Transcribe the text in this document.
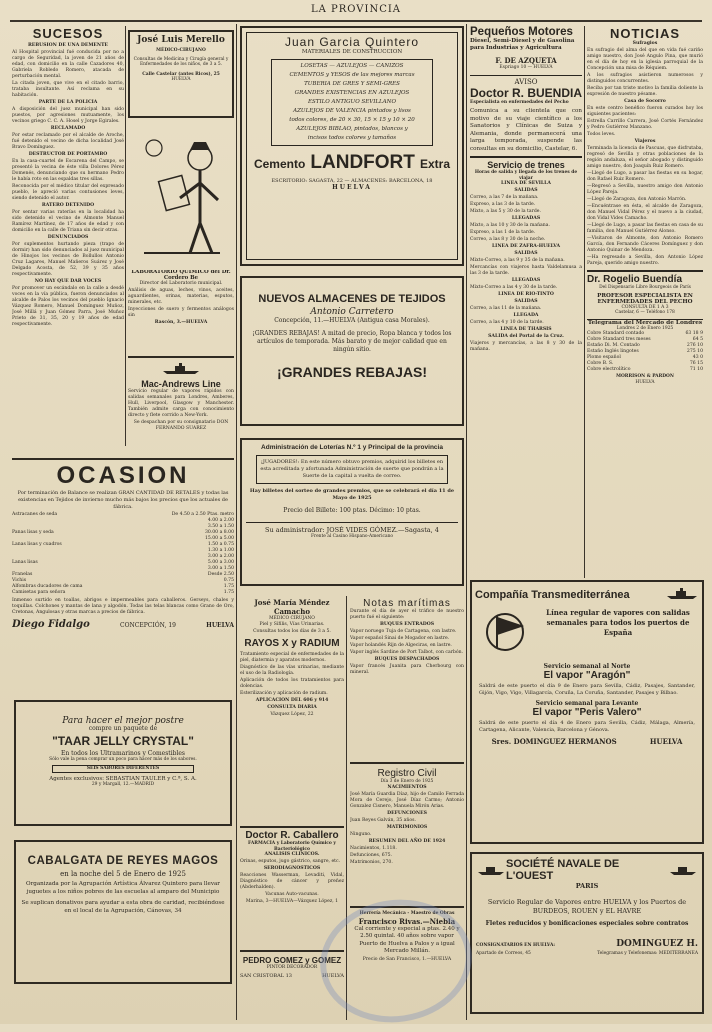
LA PROVINCIA
SUCESOS

REBUSION DE UNA DEMENTE

Al Hospital provincial fué conducida por no a cargo de Seguridad, la joven de 21 años de edad, con domicilio en la calle Cazadores 40, Gabriela Robledo Romero, atacada de perturbación mental.

La citada joven, que vive en el citado barrio, trataba insultante. Así reclama en su habitación.

PARTE DE LA POLICIA

A disposición del juez municipal han sido puestos, por agresiones mutuamente, los vecinos griego C. C. A. Hosel y Jorge Egirales.

RECLAMADO

Por estar reclamado por el alcalde de Aroche, fué detenido el vecino de dicha localidad José Bravo Domínguez.

DESTRUCTOR DE PORTAMBO

En la casa-cuartel de Escarena del Campo, se presentó la vecina de éste villa Dolores Pérez Domenés, denunciando que su hermano Pedro le había roto en las espaldas tres sillas.

Reconocida por el médico titular del expresado pueblo, le apreció varias contusiones leves, siendo detenido el autor.

RATERO DETENIDO

Por sentar varias raterías en la localidad ha sido detenido el vecino de Almonte Manuel Ramírez Martínez, de 17 años de edad y con domicilio en la calle de Triana sin decir otras.

DENUNCIADOS

Por suplementos hurtando pieza (trapo de dormir) han sido denunciados al juez municipal de Hinojos los vecinos de Bollullos Antonio Cruz Lagares, Manuel Mañeros Suárez y José Delgado Acosta, de 52, 39 y 35 años respectivamente.

NO HAY QUE DAR VOCES

Por promover un escándalo en la calle a desdé voces en la vía pública, fueron denunciados al alcalde de Palos los vecinos del pueblo Ignacio Vázquez Romero, Manuel Domínguez Muñoz, José Millá y Juan Gómez Parra, José Muñoz Prieto de 31, 35, 20 y 19 años de edad respectivamente.

José Luis Merello
MÉDICO-CIRUJANO
Consultas de Medicina y Cirugía general y Enfermedades de los niños, de 3 a 5.
Calle Castelar (antes Ricos), 25
HUELVA
LABORATORIO QUÍMICO del Dr. Cordero Be

Director del Laboratorio municipal.

Análisis de aguas, leches, vinos, aceites, aguardientes, orinas, materias, esputos, minerales, etc.

Inyecciones de suero y fermentos análogos sin

Rascón, 3.—HUELVA

Mac-Andrews Line

Servicio regular de vapores rápidos con salidas semanales para Londres, Amberes, Hull, Liverpool, Glasgow y Manchester. También admite carga con conocimiento directo y flete corrido a New-York.

Se despachan por su consignatario DON FERNANDO SUAREZ

OCASION

Por terminación de Balance se realizan GRAN CANTIDAD DE RETALES y todas las existencias en Tejidos de invierno mucho más bajos los precios que los actuales de fábrica.

Astracanes de seda	De 4.50 a 2.50 Ptas. metro
4.00 a 2.00
3.50 a 1.50
Panas lisas y seda	30.00 a 8.00
15.00 a 5.00
Lanas lisas y cuadros	1.50 a 0.75
1.30 a 1.00
3.00 a 2.00
Lanas lisas	5.00 a 3.00
3.00 a 1.50
Franelas	Desde 2.50
Vichis	0.75
Alfombras ducadores de cama	1.75
Camisetas para señora	1.75

Inmenso surtido en toallas, abrigos e impermeables para caballeros. Gerseys, chales y toquillas. Colchones y mantas de lana y algodón. Todas las telas blancas como Grano de Oro, Cretonas, Angulosas y otras marcas a precios de fábrica.

Diego Fidalgo	CONCEPCIÓN, 19	HUELVA
Para hacer el mejor postre
compre un paquete de
"TAAR JELLY CRYSTAL"
En todos los Ultramarinos y Comestibles
Sólo vale la pena comprar un poco para hacer más de los sabores.
SEIS SABORES DIFERENTES
Agentes exclusivos: SEBASTIAN TAULER y C.ª, S. A.
29 y Margall, 12.—MADRID
CABALGATA DE REYES MAGOS
en la noche del 5 de Enero de 1925
Organizada por la Agrupación Artística Álvarez Quintero para llevar juguetes a los niños pobres de las escuelas al amparo del Municipio
Se suplican donativos para ayudar a esta obra de caridad, recibiéndose en el local de la Agrupación, Cánovas, 34
Juan Garcia Quintero
MATERIALES DE CONSTRUCCION
LOSETAS — AZULEJOS — CANIZOS
CEMENTOS y YESOS de las mejores marcas
TUBERIA DE GRES Y SEMI-GRES
GRANDES EXISTENCIAS EN AZULEJOS
ESTILO ANTIGUO SEVILLANO
AZULEJOS DE VALENCIA pintados y lisos
todos colores, de 20 × 30, 15 × 15 y 10 × 20
AZULEJOS BIBLAO, pintados, blancos y
incisos todos colores y tamaños
Cemento LANDFORT Extra
ESCRITORIO: SAGASTA, 22 — ALMACENES: BARCELONA, 18
HUELVA
NUEVOS ALMACENES DE TEJIDOS
Antonio Carretero
Concepción, 11.—HUELVA (Antigua casa Morales).
¡GRANDES REBAJAS! A mitad de precio, Ropa blanca y todos los artículos de temporada. Más barato y de mejor calidad que en ningún sitio.
¡GRANDES REBAJAS!
Administración de Loterías N.º 1 y Principal de la provincia
¡JUGADORES!: En este número obtuvo premios, adquirid los billetes en esta acreditada y afortunada Administración de suerte que pondrán a la Suerte de la capital a vuelta de correo.
Hay billetes del sorteo de grandes premios, que se celebrará el día 11 de Mayo de 1925
Precio del Billete: 100 ptas. Décimo: 10 ptas.
Su administrador: JOSÉ VIDES GÓMEZ.—Sagasta, 4
Frente al Casino Hispano-Americano
José María Méndez Camacho
MÉDICO CIRUJANO

Piel y Sífilis, Vías Urinarias.

Consultas todos los días de 3 a 5.

RAYOS X y RADIUM

Tratamiento especial de enfermedades de la piel, diatermia y aparatos modernos.

Diagnóstico de las vías urinarias, mediante el uso de la Radiología.

Aplicación de todos los tratamientos para dolencias.

Esterilización y aplicación de radium.

APLICACION DEL 606 y 914

CONSULTA DIARIA

Vázquez López, 22

Doctor R. Caballero
FARMACIA y Laboratorio Químico y Bacteriológico

ANALISIS CLINICOS.

Orinas, esputos, jugo gástrico, sangre, etc.

SERODIAGNOSTICOS

Reacciones Wasserman, Levaditi, Vidal, Diagnóstico de cáncer y preñez (Abderhalden).

Vacunas Auto-vacunas.

Marina, 3—HUELVA—Vázquez López, 1

PEDRO GOMEZ y GOMEZ
PINTOR DECORADOR
SAN CRISTOBAL 13	HUELVA
Notas marítimas

Durante el día de ayer el tráfico de nuestro puerto fué el siguiente:

BUQUES ENTRADOS

Vapor noruego Tuja de Cartagena, con lastre.

Vapor español Sinai de Mogador en lastre.

Vapor holandés Rijn de Algeciras, en lastre.

Vapor inglés Sardine de Port Talbot, con carbón.

BUQUES DESPACHADOS

Vapor francés Juanita para Cherbourg con mineral.

Registro Civil
Día 3 de Enero de 1925

NACIMIENTOS

José María Guardia Díaz, hijo de Camilo Ferrada Mora de Cerejo, José Díaz Carmo; Antonio Gonzalez Cisnero, Manuela Mirón Arias.

DEFUNCIONES

Juan Reyes Galván, 35 años.

MATRIMONIOS

Ninguno.

RESUMEN DEL AÑO DE 1924

Nacimientos, 1.118.

Defunciones, 675.

Matrimonios, 270.

Herrería Mecánica - Maestro de Obras
Francisco Rivas.—Niebla

Cal corriente y especial a ptas. 2.40 y 2.50 quintal. 40 años sobre vapor Puerto de Huelva a Palos y a igual Mercado Millán.

Precio de San Francisco, 1.—HUELVA

Pequeños Motores
Diesel, Semi-Diesel y de Gasolina para Industrias y Agricultura
F. DE AZQUETA
Espriago 10 — HUELVA
AVISO
Doctor R. BUENDIA
Especialista en enfermedades del Pecho

Comunica a su clientela que con motivo de su viaje científico a los Sanatorios y Clínicas de Suiza y Alemania, donde permanecerá una larga temporada, suspende las consultas en su domicilio, Castelar, 6.

Servicio de trenes
Horas de salida y llegada de los trenes de viajar

LINEA DE SEVILLA

SALIDAS

Correo, a las 7 de la mañana.

Expreso, a las 3 de la tarde.

Mixto, a las 5 y 30 de la tarde.

LLEGADAS

Mixto, a las 10 y 30 de la mañana.

Expreso, a las 1 de la tarde.

Correo, a las 8 y 30 de la noche.

LINEA DE ZAFRA-HUELVA

SALIDAS

Mixto-Correo, a las 9 y 35 de la mañana.

Mercancías con viajeros hasta Valdelamusa a las 3 de la tarde.

LLEGADAS

Mixto-Correo a las 4 y 30 de la tarde.

LINEA DE RIO-TINTO

SALIDAS

Correo, a las 11 de la mañana.

LLEGADA

Correo, a las 4 y 10 de la tarde.

LINEA DE THARSIS

SALIDA del Portal de la Cruz.

Viajeros y mercancías, a las 8 y 30 de la mañana.

NOTICIAS

Sufragios

En sufragio del alma del que en vida fué cariño amigo nuestro, don José Angulo Pina, que murió en el día de hoy en la iglesia parroquial de la Concepción una misa de Réquiem.

A los sufragios asistieron numerosos y distinguidos concurrentes.

Reciba por tan triste motivo la familia doliente la expresión de nuestro pésame.

Casa de Socorro

En este centro benéfico fueron curados hoy los siguientes pacientes:

Estrella Carrillo Carrera, José Cortés Fernández y Pedro Gutiérrez Manzano.

Todos leves.

Viajeros

Terminada la licencia de Pascuas, que disfrutaba, regresó de Sevilla y otras poblaciones de la región andaluza, el señor abogado y distinguido amigo nuestro, don Joaquín Ruiz Romero.

—Llegó de Lugo, a pasar las fiestas en su hogar, don Rafael Ruiz Romero.

—Regresó a Sevilla, nuestro amigo don Antonio López Pareja.

—Llegó de Zaragoza, don Antonio Marrón.

—Encuéntrase en ésta, el alcalde de Zaragoza, don Manuel Vidal Pérez y el nuevo a la ciudad, don Vidal Vides Camacho.

—Llegó de Lugo, a pasar las fiestas en casa de su familia, don Manuel Gutiérrez Alonso.

—Visitaron de Almonte, don Antonio Romero García, don Fernando Cáceres Domínguez y don Antonio Quinar de Mendoza.

—Ha regresado a Sevilla, don Antonio López Pareja, querido amigo nuestro.

Dr. Rogelio Buendía
Del Dispensario Libre Bourgeois de París
PROFESOR ESPECIALISTA EN ENFERMEDADES DEL PECHO
CONSULTA DE 1 A 3
Castelar, 6 — Teléfono 178
Telegrama del Mercado de Londres
Londres 2 de Enero 1925
Cobre Standard contado	63 18 9
Cobre Standard tres meses	64 5
Estaño Di. M. Contado	276 10
Estaño Inglés lingotes	275 10
Plomo español	43 0
Cobre B. S.	76 15
Cobre electrolítico	71 10
MORRISON & PARDON
HUELVA
Compañía Transmediterránea
Línea regular de vapores con salidas semanales para todos los puertos de España
Servicio semanal al Norte
El vapor "Aragón"

Saldrá de este puerto el día 9 de Enero para Sevilla, Cádiz, Pasajes, Santander, Gijón, Vigo, Vigo, Villagarcía, Coruña, La Coruña, Santander, Pasajes y Bilbao.

Servicio semanal para Levante
El vapor "Peris Valero"

Saldrá de este puerto el día 4 de Enero para Sevilla, Cádiz, Málaga, Almería, Cartagena, Alicante, Valencia, Barcelona y Génova.

Sres. DOMINGUEZ HERMANOS	HUELVA
SOCIÉTÉ NAVALE DE L'OUEST
PARIS
Servicio Regular de Vapores entre HUELVA y los Puertos de BURDEOS, ROUEN y EL HAVRE
Fletes reducidos y bonificaciones especiales sobre contratos
CONSIGNATARIOS EN HUELVA:	DOMINGUEZ H.
Apartado de Correos, 45	Telegramas y Telefonemas: MEDITERRANEA
